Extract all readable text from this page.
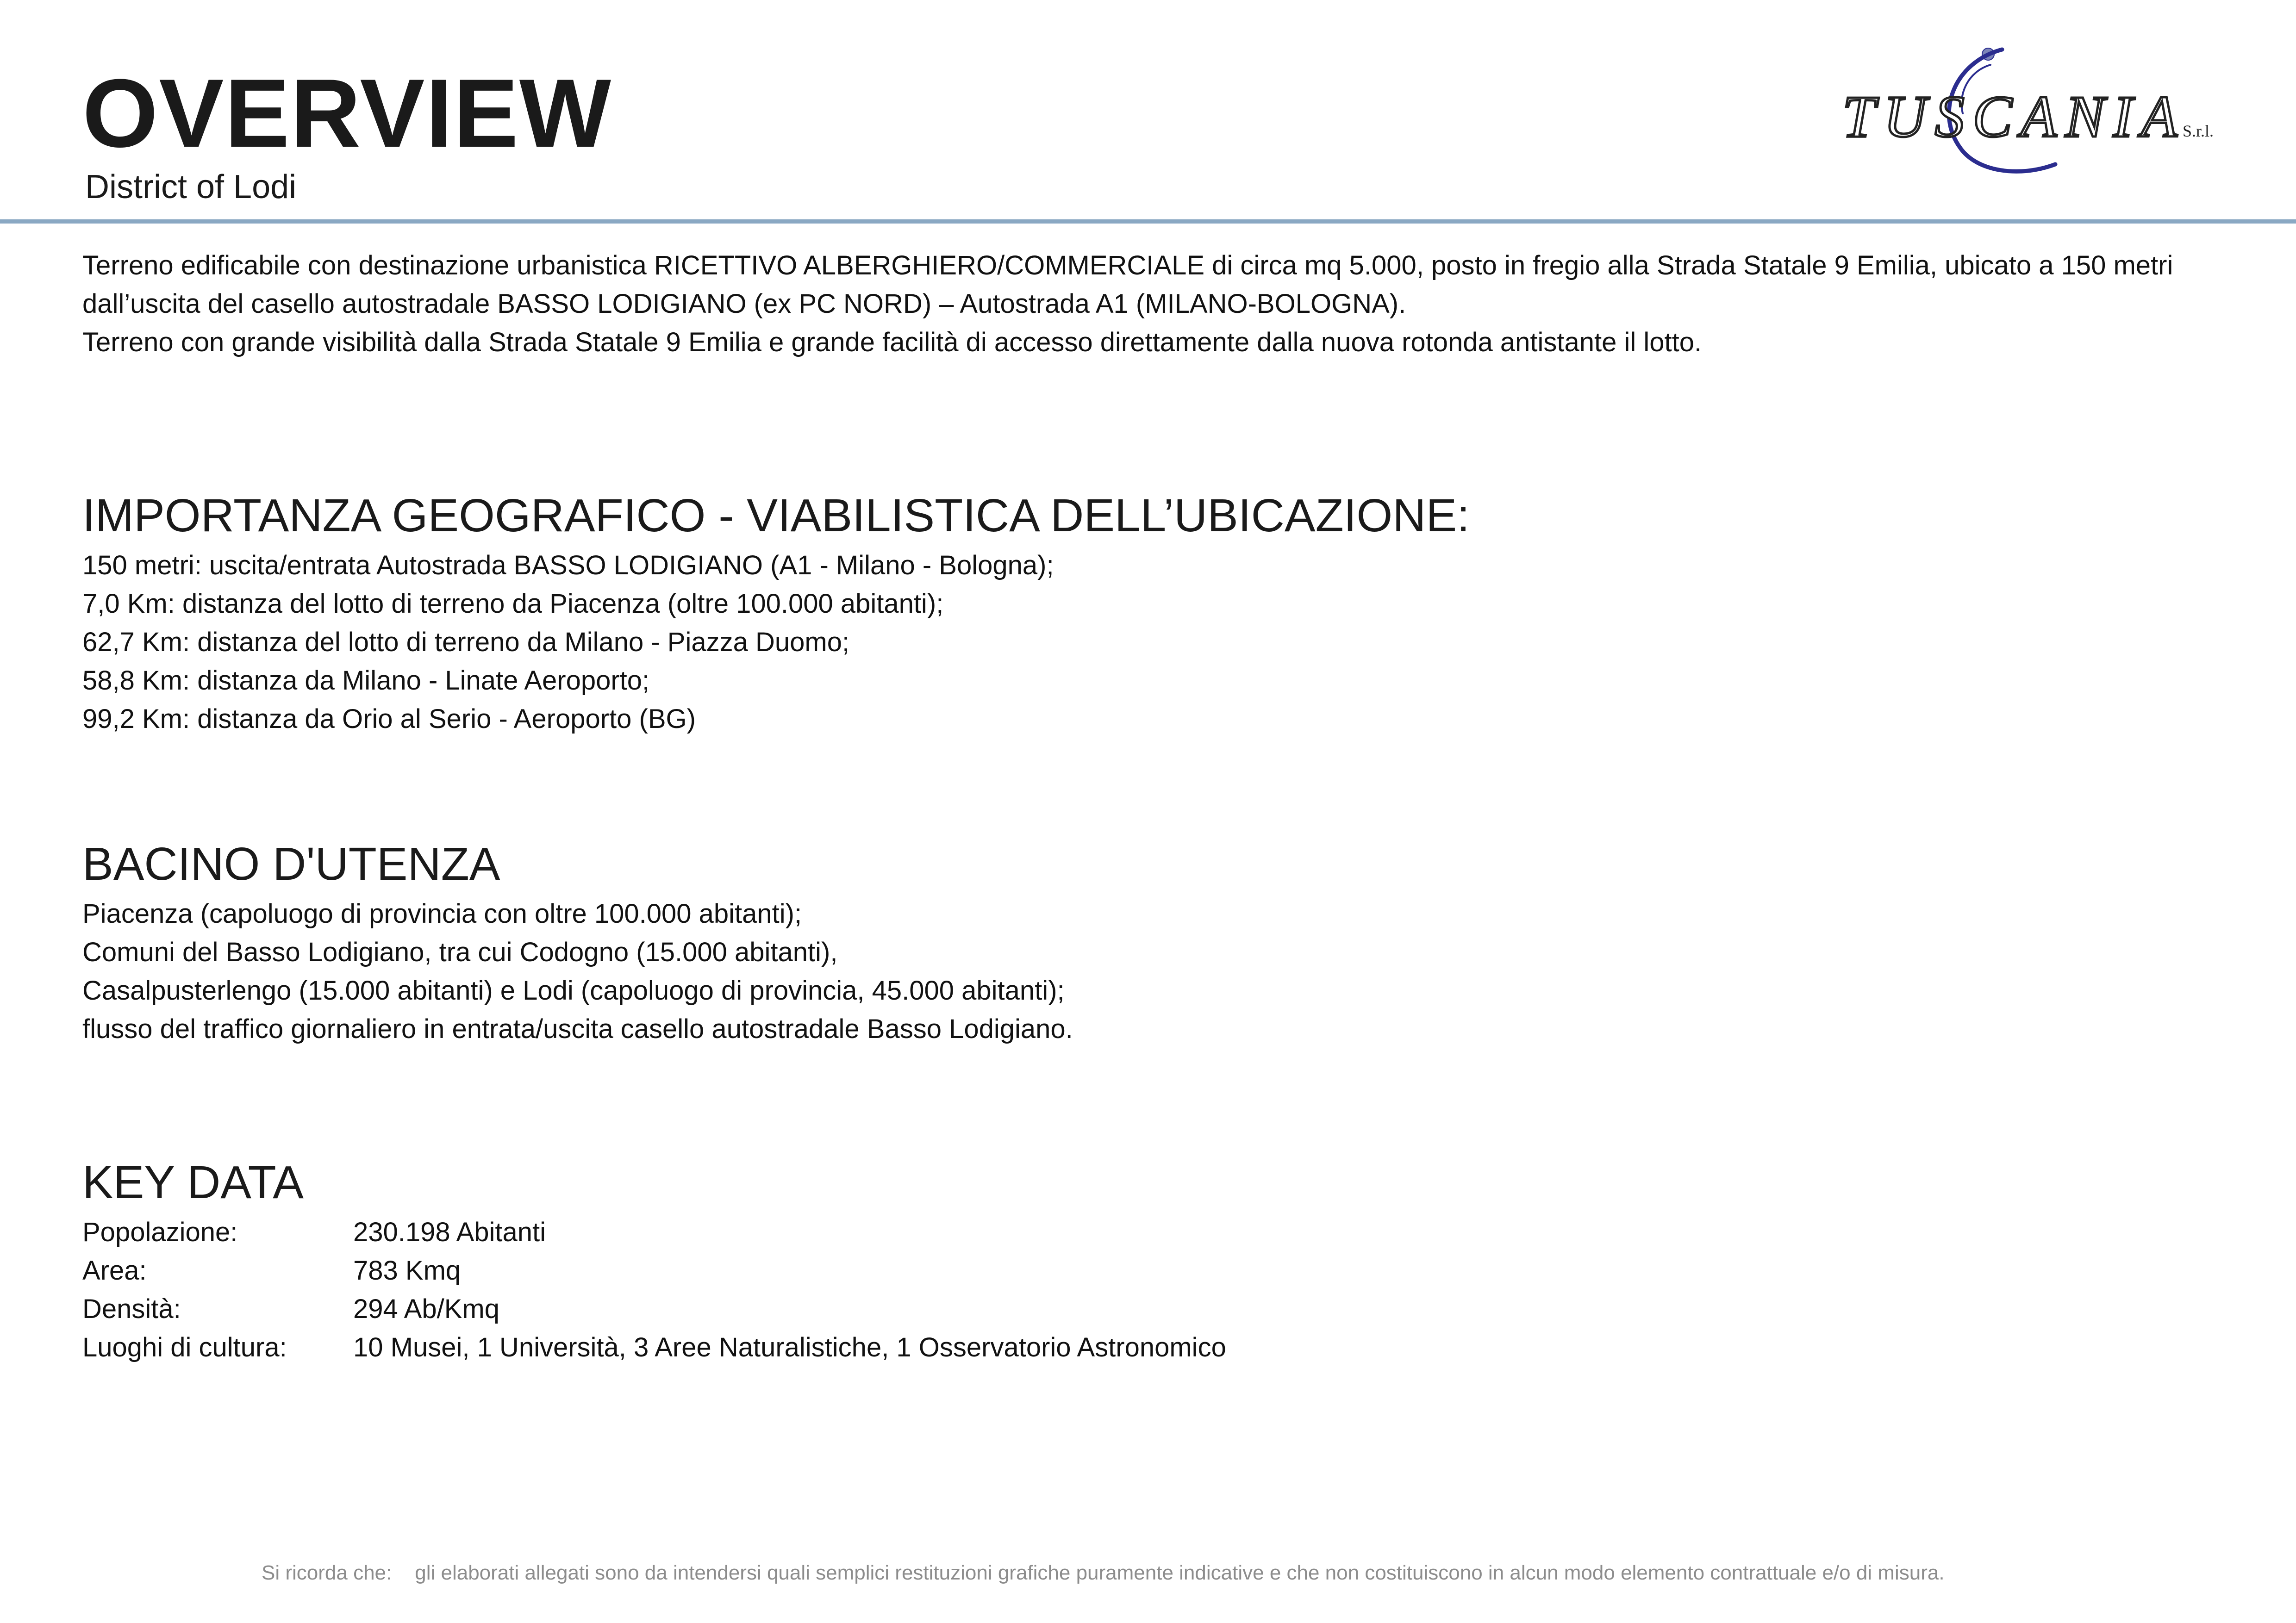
OVERVIEW
District of Lodi
TUSCANIA
S.r.l.

Terreno edificabile con destinazione urbanistica RICETTIVO ALBERGHIERO/COMMERCIALE di circa mq 5.000, posto in fregio alla Strada Statale 9 Emilia, ubicato a 150 metri dall’uscita del casello autostradale BASSO LODIGIANO (ex PC NORD) – Autostrada A1 (MILANO-BOLOGNA).

Terreno con grande visibilità dalla Strada Statale 9 Emilia e grande facilità di accesso direttamente dalla nuova rotonda antistante il lotto.

IMPORTANZA GEOGRAFICO - VIABILISTICA DELL’UBICAZIONE:
150 metri: uscita/entrata Autostrada BASSO LODIGIANO (A1 - Milano - Bologna);
7,0 Km: distanza del lotto di terreno da Piacenza (oltre 100.000 abitanti);
62,7 Km: distanza del lotto di terreno da Milano - Piazza Duomo;
58,8 Km: distanza da Milano - Linate Aeroporto;
99,2 Km: distanza da Orio al Serio - Aeroporto (BG)
BACINO D'UTENZA
Piacenza (capoluogo di provincia con oltre 100.000 abitanti);
Comuni del Basso Lodigiano, tra cui Codogno (15.000 abitanti),
Casalpusterlengo (15.000 abitanti) e Lodi (capoluogo di provincia, 45.000 abitanti);
flusso del traffico giornaliero in entrata/uscita casello autostradale Basso Lodigiano.
KEY DATA
Popolazione:	230.198 Abitanti
Area:	783 Kmq
Densità:	294 Ab/Kmq
Luoghi di cultura:	10 Musei, 1 Università, 3 Aree Naturalistiche, 1 Osservatorio Astronomico
Si ricorda che: gli elaborati allegati sono da intendersi quali semplici restituzioni grafiche puramente indicative e che non costituiscono in alcun modo elemento contrattuale e/o di misura.
